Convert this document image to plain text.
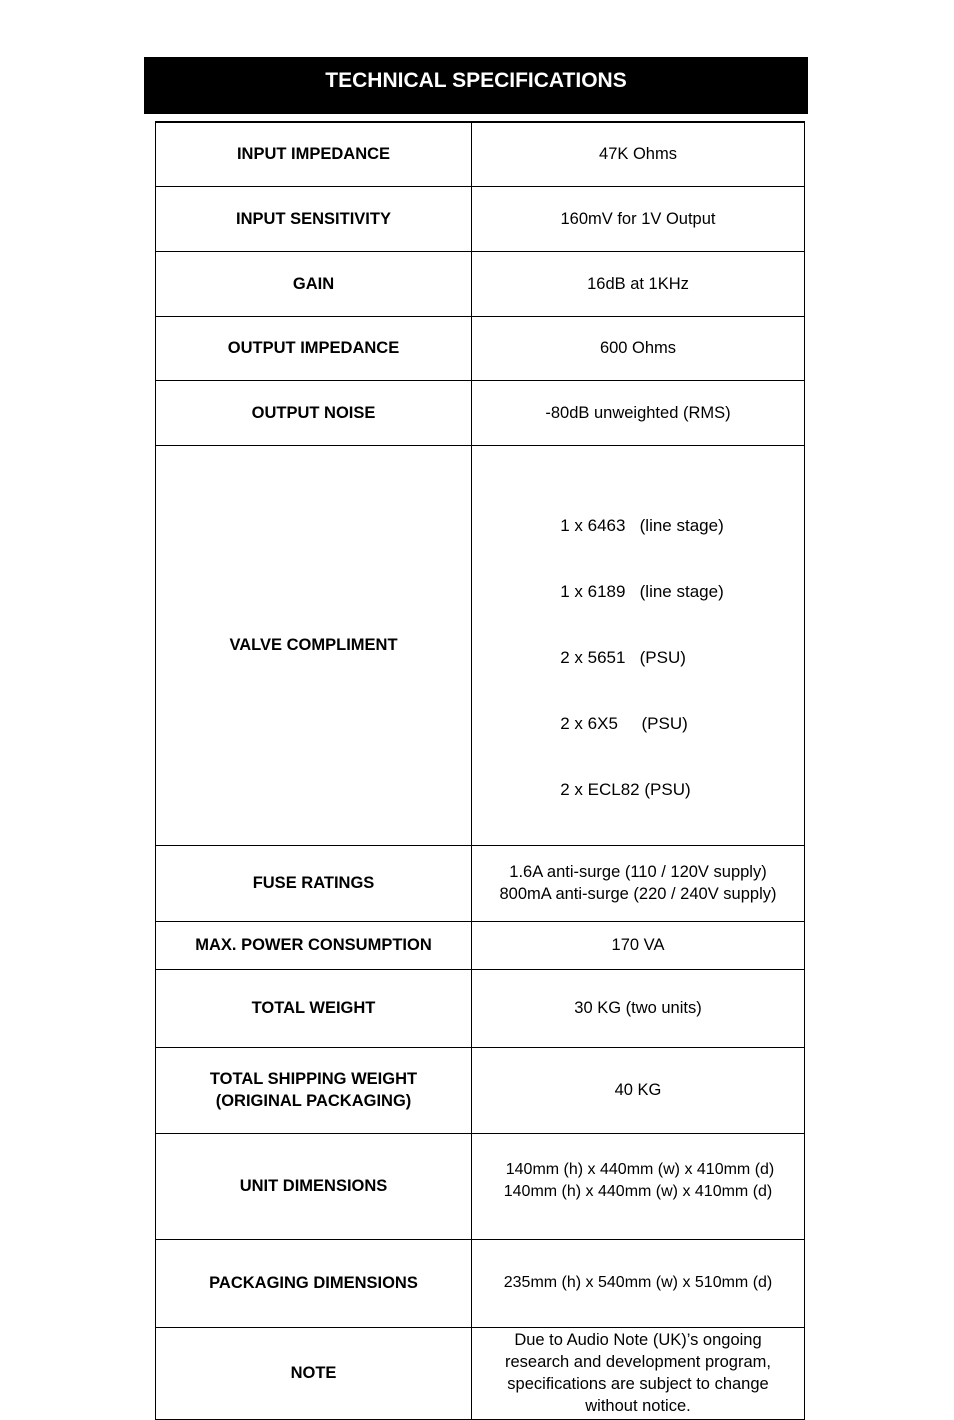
TECHNICAL SPECIFICATIONS
INPUT IMPEDANCE	47K Ohms
INPUT SENSITIVITY	160mV for 1V Output
GAIN	16dB at 1KHz
OUTPUT IMPEDANCE	600 Ohms
OUTPUT NOISE	-80dB unweighted (RMS)
VALVE COMPLIMENT	1 x 6463   (line stage)

1 x 6189   (line stage)

2 x 5651   (PSU)

2 x 6X5     (PSU)

2 x ECL82 (PSU)

FUSE RATINGS	1.6A anti-surge (110 / 120V supply)
800mA anti-surge (220 / 240V supply)

MAX. POWER CONSUMPTION	170 VA
TOTAL WEIGHT	30 KG (two units)

TOTAL SHIPPING WEIGHT
(ORIGINAL PACKAGING)	40 KG
UNIT DIMENSIONS	140mm (h) x 440mm (w) x 410mm (d)
140mm (h) x 440mm (w) x 410mm (d)

PACKAGING DIMENSIONS	235mm (h) x 540mm (w) x 510mm (d)
NOTE	Due to Audio Note (UK)’s ongoing
research and development program,
specifications are subject to change
without notice.
